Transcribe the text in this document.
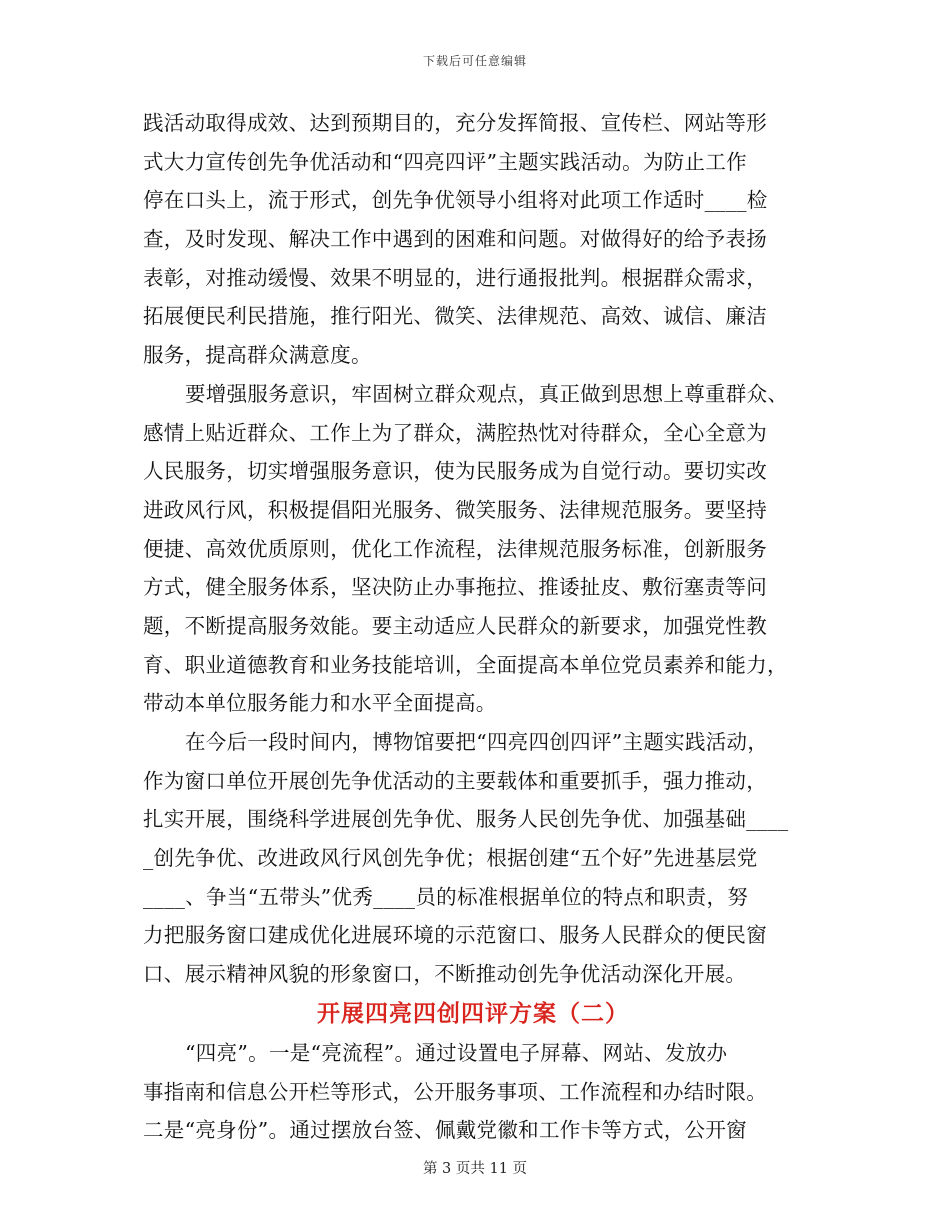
下载后可任意编辑
践活动取得成效、达到预期目的，充分发挥简报、宣传栏、网站等形
式大力宣传创先争优活动和“四亮四评”主题实践活动。为防止工作
停在口头上，流于形式，创先争优领导小组将对此项工作适时____检
查，及时发现、解决工作中遇到的困难和问题。对做得好的给予表扬
表彰，对推动缓慢、效果不明显的，进行通报批判。根据群众需求，
拓展便民利民措施，推行阳光、微笑、法律规范、高效、诚信、廉洁
服务，提高群众满意度。
要增强服务意识，牢固树立群众观点，真正做到思想上尊重群众、
感情上贴近群众、工作上为了群众，满腔热忱对待群众，全心全意为
人民服务，切实增强服务意识，使为民服务成为自觉行动。要切实改
进政风行风，积极提倡阳光服务、微笑服务、法律规范服务。要坚持
便捷、高效优质原则，优化工作流程，法律规范服务标准，创新服务
方式，健全服务体系，坚决防止办事拖拉、推诿扯皮、敷衍塞责等问
题，不断提高服务效能。要主动适应人民群众的新要求，加强党性教
育、职业道德教育和业务技能培训，全面提高本单位党员素养和能力，
带动本单位服务能力和水平全面提高。
在今后一段时间内，博物馆要把“四亮四创四评”主题实践活动，
作为窗口单位开展创先争优活动的主要载体和重要抓手，强力推动，
扎实开展，围绕科学进展创先争优、服务人民创先争优、加强基础____
_创先争优、改进政风行风创先争优；根据创建“五个好”先进基层党
____、争当“五带头”优秀____员的标准根据单位的特点和职责，努
力把服务窗口建成优化进展环境的示范窗口、服务人民群众的便民窗
口、展示精神风貌的形象窗口，不断推动创先争优活动深化开展。
开展四亮四创四评方案（二）
“四亮”。一是“亮流程”。通过设置电子屏幕、网站、发放办
事指南和信息公开栏等形式，公开服务事项、工作流程和办结时限。
二是“亮身份”。通过摆放台签、佩戴党徽和工作卡等方式，公开窗
第 3 页共 11 页
